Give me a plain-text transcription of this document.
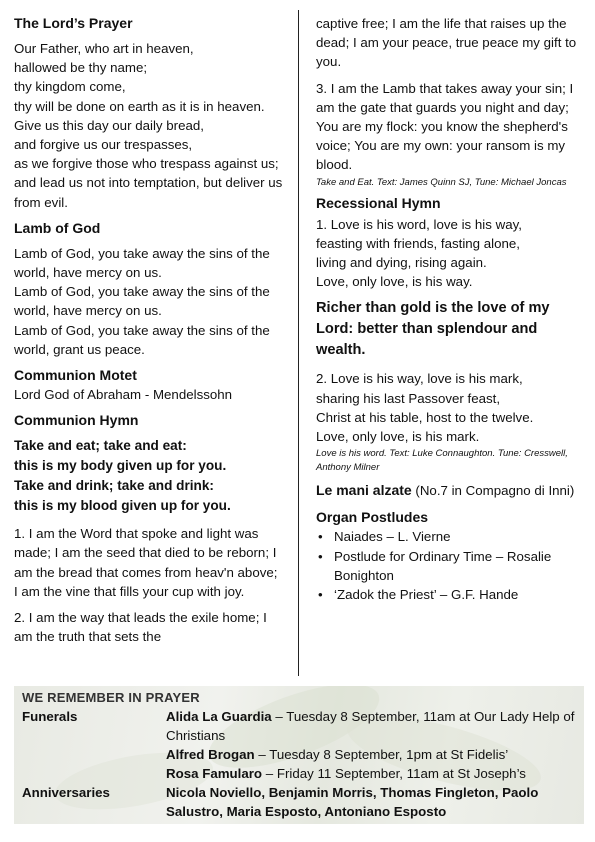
The Lord’s Prayer

Our Father, who art in heaven,
hallowed be thy name;
thy kingdom come,
thy will be done on earth as it is in heaven.
Give us this day our daily bread,
and forgive us our trespasses,
as we forgive those who trespass against us; and lead us not into temptation, but deliver us from evil.

Lamb of God

Lamb of God, you take away the sins of the world, have mercy on us.
Lamb of God, you take away the sins of the world, have mercy on us.
Lamb of God, you take away the sins of the world, grant us peace.

Communion Motet

Lord God of Abraham - Mendelssohn

Communion Hymn
Take and eat; take and eat:
this is my body given up for you.
Take and drink; take and drink:
this is my blood given up for you.

1. I am the Word that spoke and light was made; I am the seed that died to be reborn; I am the bread that comes from heav'n above; I am the vine that fills your cup with joy.

2. I am the way that leads the exile home; I am the truth that sets the

captive free; I am the life that raises up the dead; I am your peace, true peace my gift to you.

3. I am the Lamb that takes away your sin; I am the gate that guards you night and day; You are my flock: you know the shepherd's voice; You are my own: your ransom is my blood.
Take and Eat. Text: James Quinn SJ, Tune: Michael Joncas

Recessional Hymn

1. Love is his word, love is his way,
feasting with friends, fasting alone,
living and dying, rising again.
Love, only love, is his way.

Richer than gold is the love of my Lord: better than splendour and wealth.

2. Love is his way, love is his mark,
sharing his last Passover feast,
Christ at his table, host to the twelve.
Love, only love, is his mark.
Love is his word. Text: Luke Connaughton. Tune: Cresswell, Anthony Milner

Le mani alzate (No.7 in Compagno di Inni)

Organ Postludes
• Naiades – L. Vierne
• Postlude for Ordinary Time – Rosalie Bonighton
• ‘Zadok the Priest’ – G.F. Hande
WE REMEMBER IN PRAYER
Funerals	Alida La Guardia – Tuesday 8 September, 11am at Our Lady Help of Christians
Alfred Brogan – Tuesday 8 September, 1pm at St Fidelis’
Rosa Famularo – Friday 11 September, 11am at St Joseph’s
Anniversaries	Nicola Noviello, Benjamin Morris, Thomas Fingleton, Paolo Salustro, Maria Esposto, Antoniano Esposto
